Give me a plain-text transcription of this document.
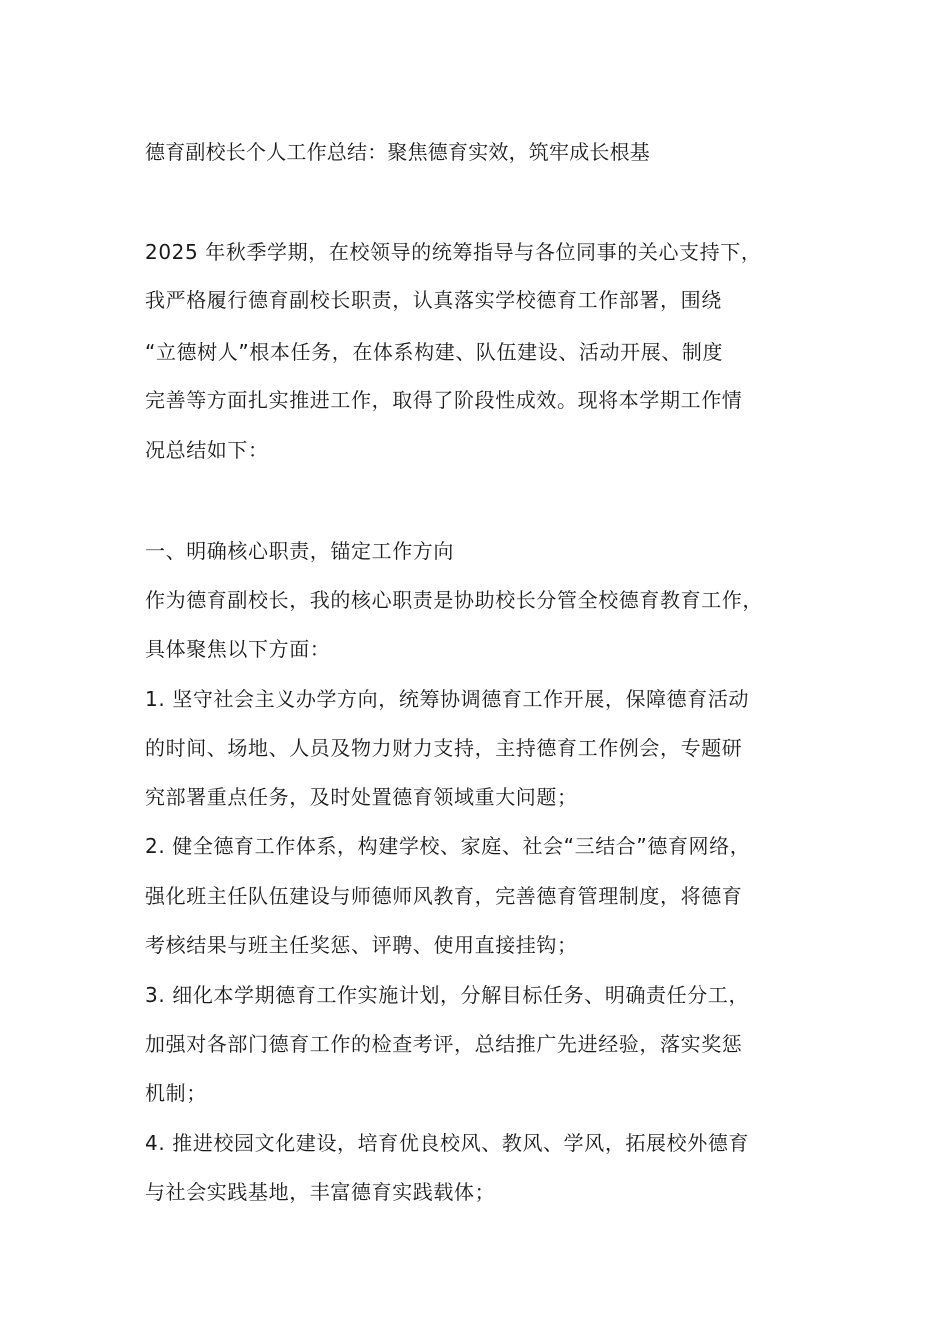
德育副校长个人工作总结：聚焦德育实效，筑牢成长根基
2025 年秋季学期，在校领导的统筹指导与各位同事的关心支持下，
我严格履行德育副校长职责，认真落实学校德育工作部署，围绕
“立德树人”根本任务，在体系构建、队伍建设、活动开展、制度
完善等方面扎实推进工作，取得了阶段性成效。现将本学期工作情
况总结如下：
一、明确核心职责，锚定工作方向
作为德育副校长，我的核心职责是协助校长分管全校德育教育工作，
具体聚焦以下方面：
1. 坚守社会主义办学方向，统筹协调德育工作开展，保障德育活动
的时间、场地、人员及物力财力支持，主持德育工作例会，专题研
究部署重点任务，及时处置德育领域重大问题；
2. 健全德育工作体系，构建学校、家庭、社会“三结合”德育网络，
强化班主任队伍建设与师德师风教育，完善德育管理制度，将德育
考核结果与班主任奖惩、评聘、使用直接挂钩；
3. 细化本学期德育工作实施计划，分解目标任务、明确责任分工，
加强对各部门德育工作的检查考评，总结推广先进经验，落实奖惩
机制；
4. 推进校园文化建设，培育优良校风、教风、学风，拓展校外德育
与社会实践基地，丰富德育实践载体；
